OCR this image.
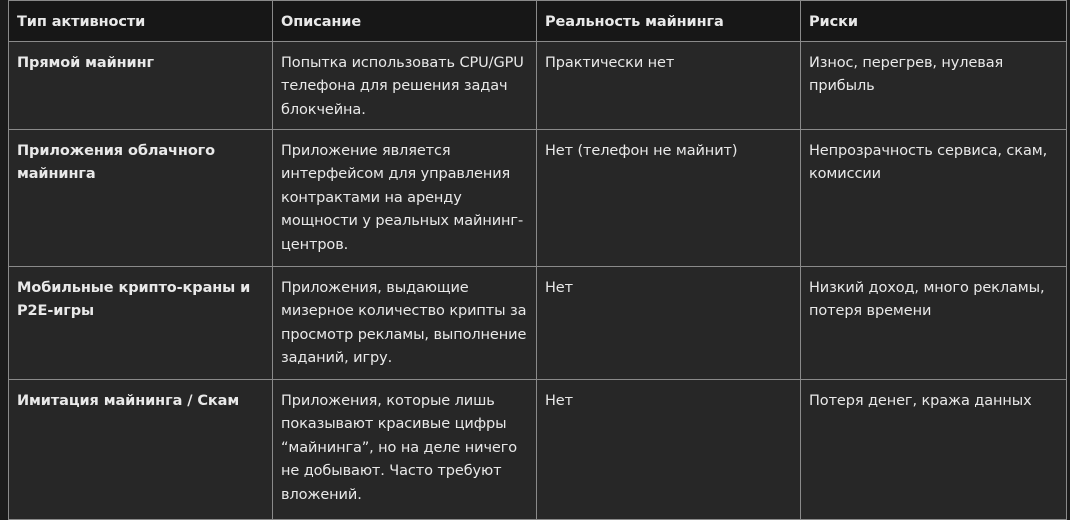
Тип активности	Описание	Реальность майнинга	Риски
Прямой майнинг	Попытка использовать CPU/GPU телефона для решения задач блокчейна.	Практически нет	Износ, перегрев, нулевая прибыль
Приложения облачного майнинга	Приложение является интерфейсом для управления контрактами на аренду мощности у реальных майнинг-центров.	Нет (телефон не майнит)	Непрозрачность сервиса, скам, комиссии
Мобильные крипто-краны и P2E-игры	Приложения, выдающие мизерное количество крипты за просмотр рекламы, выполнение заданий, игру.	Нет	Низкий доход, много рекламы, потеря времени
Имитация майнинга / Скам	Приложения, которые лишь показывают красивые цифры “майнинга”, но на деле ничего не добывают. Часто требуют вложений.	Нет	Потеря денег, кража данных
